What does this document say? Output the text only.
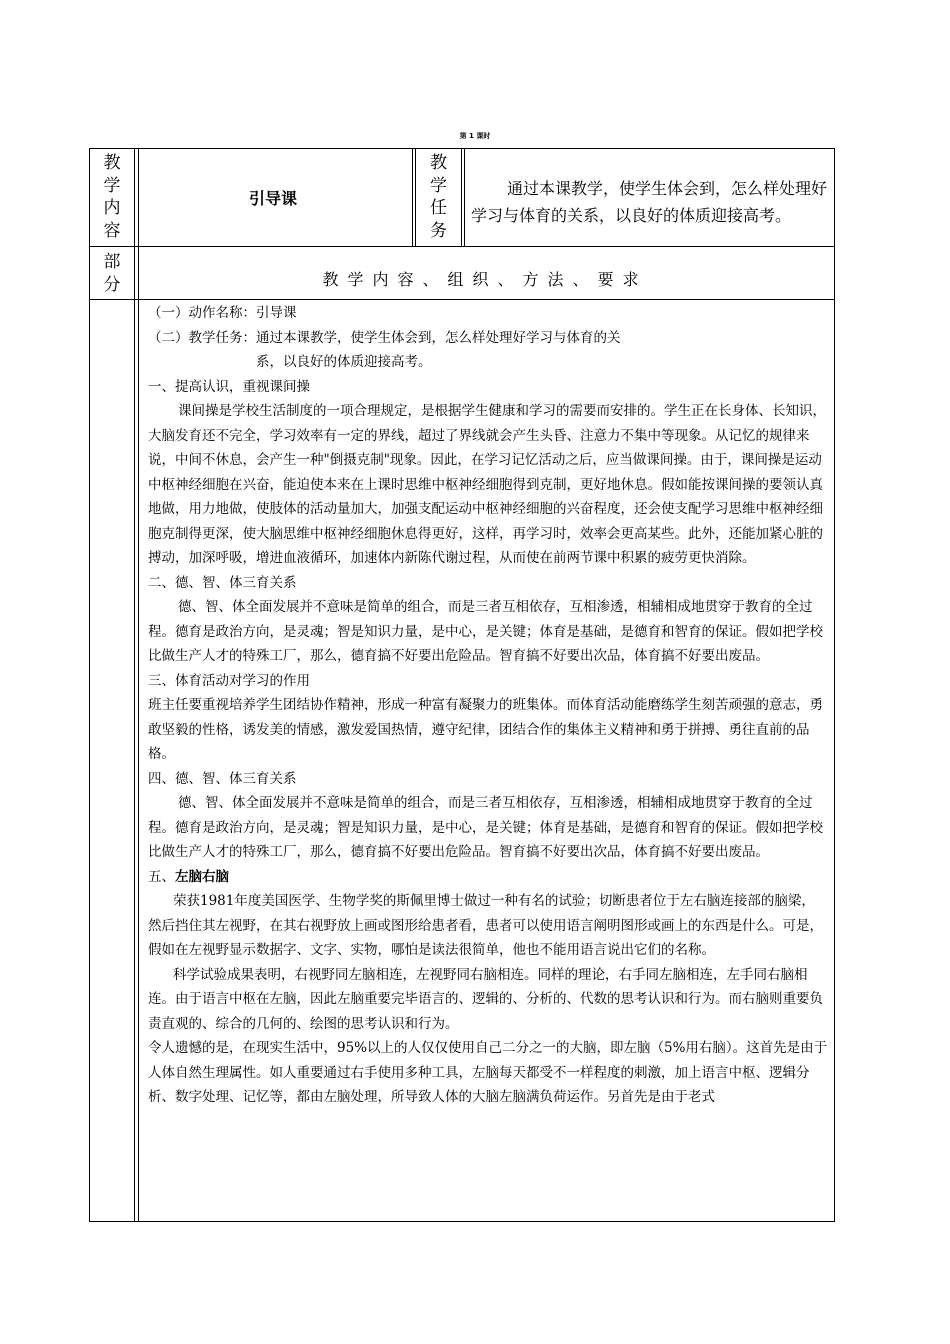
第 1 课时
教
学
内
容
引导课
教
学
任
务
通过本课教学，使学生体会到，怎么样处理好学习与体育的关系，以良好的体质迎接高考。
部
分	教学内容、组织、方法、要求

（一）动作名称：引导课

（二）教学任务：通过本课教学，使学生体会到，怎么样处理好学习与体育的关

系，以良好的体质迎接高考。

一、提高认识，重视课间操

课间操是学校生活制度的一项合理规定，是根据学生健康和学习的需要而安排的。学生正在长身体、长知识，大脑发育还不完全，学习效率有一定的界线，超过了界线就会产生头昏、注意力不集中等现象。从记忆的规律来说，中间不休息，会产生一种"倒摄克制"现象。因此，在学习记忆活动之后，应当做课间操。由于，课间操是运动中枢神经细胞在兴奋，能迫使本来在上课时思维中枢神经细胞得到克制，更好地休息。假如能按课间操的要领认真地做，用力地做，使肢体的活动量加大，加强支配运动中枢神经细胞的兴奋程度，还会使支配学习思维中枢神经细胞克制得更深，使大脑思维中枢神经细胞休息得更好，这样，再学习时，效率会更高某些。此外，还能加紧心脏的搏动，加深呼吸，增进血液循环，加速体内新陈代谢过程，从而使在前两节课中积累的疲劳更快消除。

二、德、智、体三育关系

德、智、体全面发展并不意味是简单的组合，而是三者互相依存，互相渗透，相辅相成地贯穿于教育的全过程。德育是政治方向，是灵魂；智是知识力量，是中心，是关键；体育是基础，是德育和智育的保证。假如把学校比做生产人才的特殊工厂，那么，德育搞不好要出危险品。智育搞不好要出次品，体育搞不好要出废品。

三、体育活动对学习的作用

班主任要重视培养学生团结协作精神，形成一种富有凝聚力的班集体。而体育活动能磨练学生刻苦顽强的意志，勇敢坚毅的性格，诱发美的情感，激发爱国热情，遵守纪律，团结合作的集体主义精神和勇于拼搏、勇往直前的品格。

四、德、智、体三育关系

德、智、体全面发展并不意味是简单的组合，而是三者互相依存，互相渗透，相辅相成地贯穿于教育的全过程。德育是政治方向，是灵魂；智是知识力量，是中心，是关键；体育是基础，是德育和智育的保证。假如把学校比做生产人才的特殊工厂，那么，德育搞不好要出危险品。智育搞不好要出次品，体育搞不好要出废品。

五、左脑右脑

荣获1981年度美国医学、生物学奖的斯佩里博士做过一种有名的试验；切断患者位于左右脑连接部的脑梁，然后挡住其左视野，在其右视野放上画或图形给患者看，患者可以使用语言阐明图形或画上的东西是什么。可是，假如在左视野显示数据字、文字、实物，哪怕是读法很简单，他也不能用语言说出它们的名称。

科学试验成果表明，右视野同左脑相连，左视野同右脑相连。同样的理论，右手同左脑相连，左手同右脑相连。由于语言中枢在左脑，因此左脑重要完毕语言的、逻辑的、分析的、代数的思考认识和行为。而右脑则重要负责直观的、综合的几何的、绘图的思考认识和行为。

令人遗憾的是，在现实生活中，95%以上的人仅仅使用自己二分之一的大脑，即左脑（5%用右脑）。这首先是由于人体自然生理属性。如人重要通过右手使用多种工具，左脑每天都受不一样程度的刺激，加上语言中枢、逻辑分析、数字处理、记忆等，都由左脑处理，所导致人体的大脑左脑满负荷运作。另首先是由于老式
